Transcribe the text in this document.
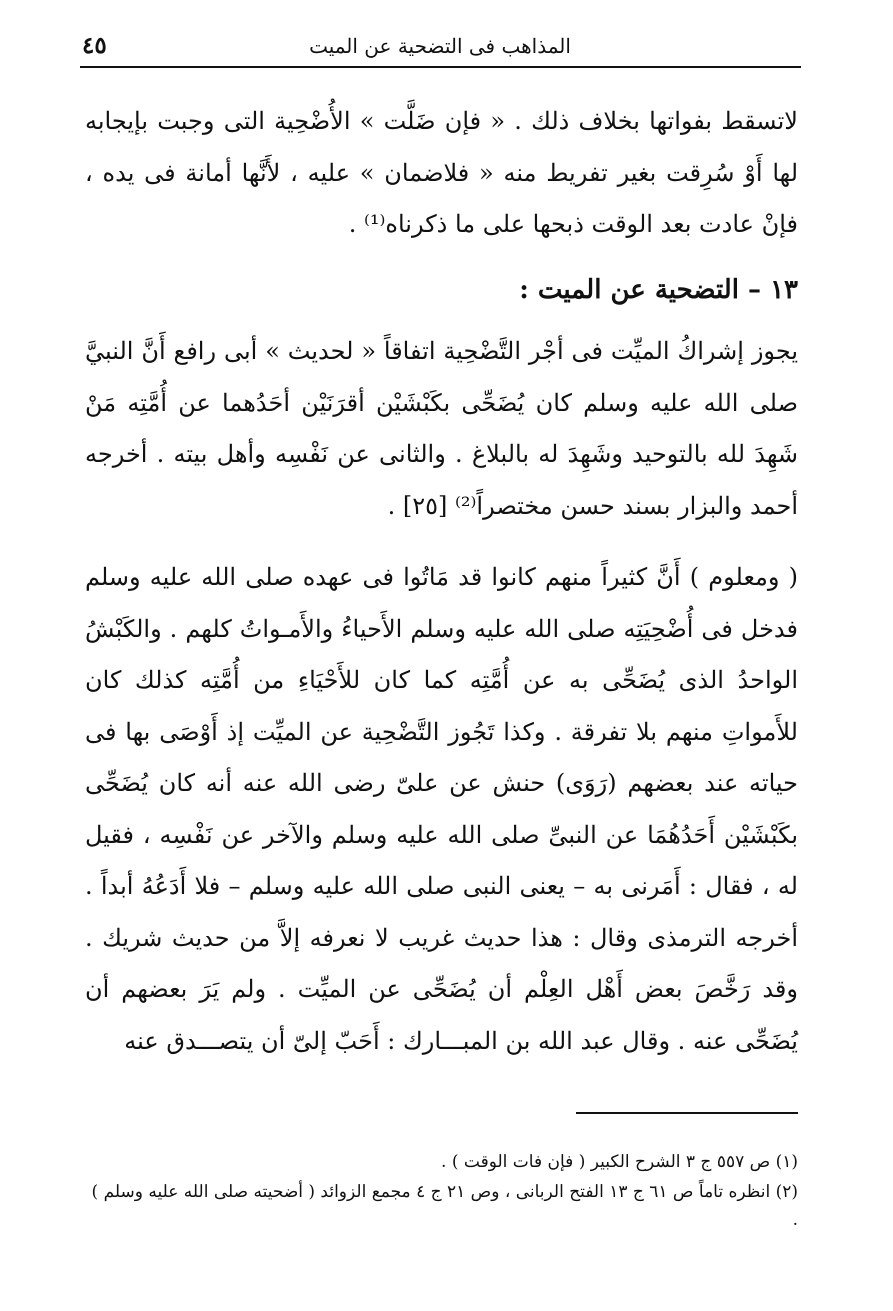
المذاهب فى التضحية عن الميت
٤٥

لاتسقط بفواتها بخلاف ذلك . « فإن ضَلَّت » الأُضْحِية التى وجبت بإيجابه لها أَوْ سُرِقت بغير تفريط منه « فلاضمان » عليه ، لأَنَّها أمانة فى يده ، فإنْ عادت بعد الوقت ذبحها على ما ذكرناه⁽¹⁾ .

١٣ – التضحية عن الميت :

يجوز إشراكُ الميِّت فى أجْر التَّضْحِية اتفاقاً « لحديث » أبى رافع أَنَّ النبيَّ صلى الله عليه وسلم كان يُضَحِّى بكَبْشَيْن أقرَنَيْن أحَدُهما عن أُمَّتِه مَنْ شَهِدَ لله بالتوحيد وشَهِدَ له بالبلاغ . والثانى عن نَفْسِه وأهل بيته . أخرجه أحمد والبزار بسند حسن مختصراً⁽²⁾ [٢٥] .

( ومعلوم ) أَنَّ كثيراً منهم كانوا قد مَاتُوا فى عهده صلى الله عليه وسلم فدخل فى أُضْحِيَتِه صلى الله عليه وسلم الأَحياءُ والأَمـواتُ كلهم . والكَبْشُ الواحدُ الذى يُضَحِّى به عن أُمَّتِه كما كان للأَحْيَاءِ من أُمَّتِه كذلك كان للأَمواتِ منهم بلا تفرقة . وكذا تَجُوز التَّضْحِية عن الميِّت إذ أَوْصَى بها فى حياته عند بعضهم (رَوَى) حنش عن علىّ رضى الله عنه أنه كان يُضَحِّى بكَبْشَيْن أَحَدُهُمَا عن النبىِّ صلى الله عليه وسلم والآخر عن نَفْسِه ، فقيل له ، فقال : أَمَرنى به – يعنى النبى صلى الله عليه وسلم – فلا أَدَعُهُ أبداً . أخرجه الترمذى وقال : هذا حديث غريب لا نعرفه إلاَّ من حديث شريك . وقد رَخَّصَ بعض أَهْل العِلْم أن يُضَحِّى عن الميِّت . ولم يَرَ بعضهم أن يُضَحِّى عنه . وقال عبد الله بن المبـــارك : أَحَبّ إلىّ أن يتصـــدق عنه

(١) ص ٥٥٧ ج ٣ الشرح الكبير ( فإن فات الوقت ) .

(٢) انظره تاماً ص ٦١ ج ١٣ الفتح الربانى ، وص ٢١ ج ٤ مجمع الزوائد ( أضحيته صلى الله عليه وسلم ) .
